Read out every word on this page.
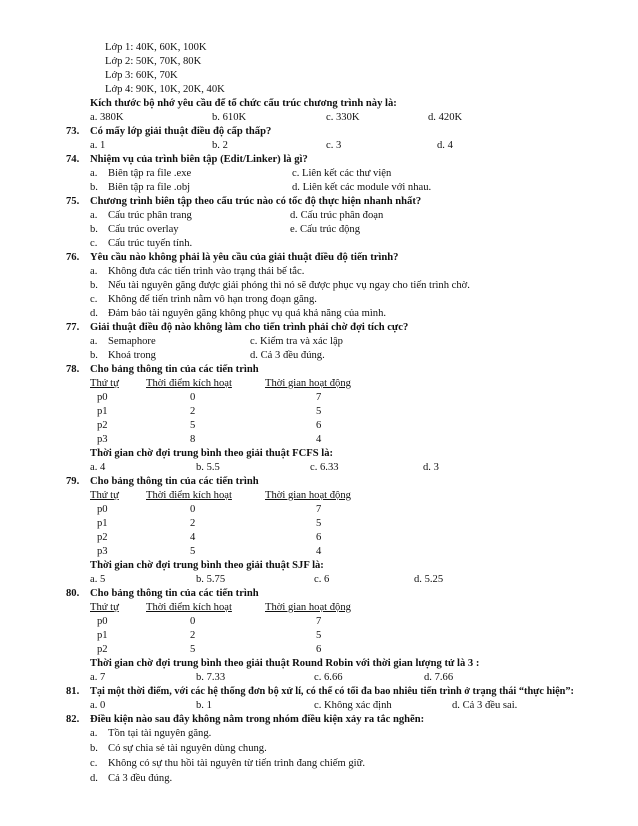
Lớp 1: 40K, 60K, 100K
Lớp 2: 50K, 70K, 80K
Lớp 3: 60K, 70K
Lớp 4: 90K, 10K, 20K, 40K
Kích thước bộ nhớ yêu cầu để tổ chức cấu trúc chương trình này là:
a. 380K	b. 610K	c. 330K	d. 420K
73. Có mấy lớp giải thuật điều độ cấp thấp?
a. 1	b. 2	c. 3	d. 4
74. Nhiệm vụ của trình biên tập (Edit/Linker) là gì?
a. Biên tập ra file .exe	c. Liên kết các thư viện
b. Biên tập ra file .obj	d. Liên kết các module với nhau.
75. Chương trình biên tập theo cấu trúc nào có tốc độ thực hiện nhanh nhất?
a. Cấu trúc phân trang	d. Cấu trúc phân đoạn
b. Cấu trúc overlay	e. Cấu trúc động
c. Cấu trúc tuyến tính.
76. Yêu cầu nào không phải là yêu cầu của giải thuật điều độ tiến trình?
a. Không đưa các tiến trình vào trạng thái bế tắc.
b. Nếu tài nguyên găng được giải phóng thì nó sẽ được phục vụ ngay cho tiến trình chờ.
c. Không để tiến trình nằm vô hạn trong đoạn găng.
d. Đảm bảo tài nguyên găng không phục vụ quá khả năng của mình.
77. Giải thuật điều độ nào không làm cho tiến trình phải chờ đợi tích cực?
a. Semaphore	c. Kiểm tra và xác lập
b. Khoá trong	d. Cả 3 đều đúng.
78. Cho bảng thông tin của các tiến trình
Thứ tự	Thời điểm kích hoạt	Thời gian hoạt động
p0	0	7
p1	2	5
p2	5	6
p3	8	4
Thời gian chờ đợi trung bình theo giải thuật FCFS là:
a. 4	b. 5.5	c. 6.33	d. 3
79. Cho bảng thông tin của các tiến trình
Thứ tự	Thời điểm kích hoạt	Thời gian hoạt động
p0	0	7
p1	2	5
p2	4	6
p3	5	4
Thời gian chờ đợi trung bình theo giải thuật SJF là:
a. 5	b. 5.75	c. 6	d. 5.25
80. Cho bảng thông tin của các tiến trình
Thứ tự	Thời điểm kích hoạt	Thời gian hoạt động
p0	0	7
p1	2	5
p2	5	6
Thời gian chờ đợi trung bình theo giải thuật Round Robin với thời gian lượng tử là 3 :
a. 7	b. 7.33	c. 6.66	d. 7.66
81. Tại một thời điểm, với các hệ thống đơn bộ xử lí, có thể có tối đa bao nhiêu tiến trình ở trạng thái “thực hiện”:
a. 0	b. 1	c. Không xác định	d. Cả 3 đều sai.
82. Điều kiện nào sau đây không nằm trong nhóm điều kiện xảy ra tắc nghẽn:
a. Tồn tại tài nguyên găng.
b. Có sự chia sẻ tài nguyên dùng chung.
c. Không có sự thu hồi tài nguyên từ tiến trình đang chiếm giữ.
d. Cả 3 đều đúng.
